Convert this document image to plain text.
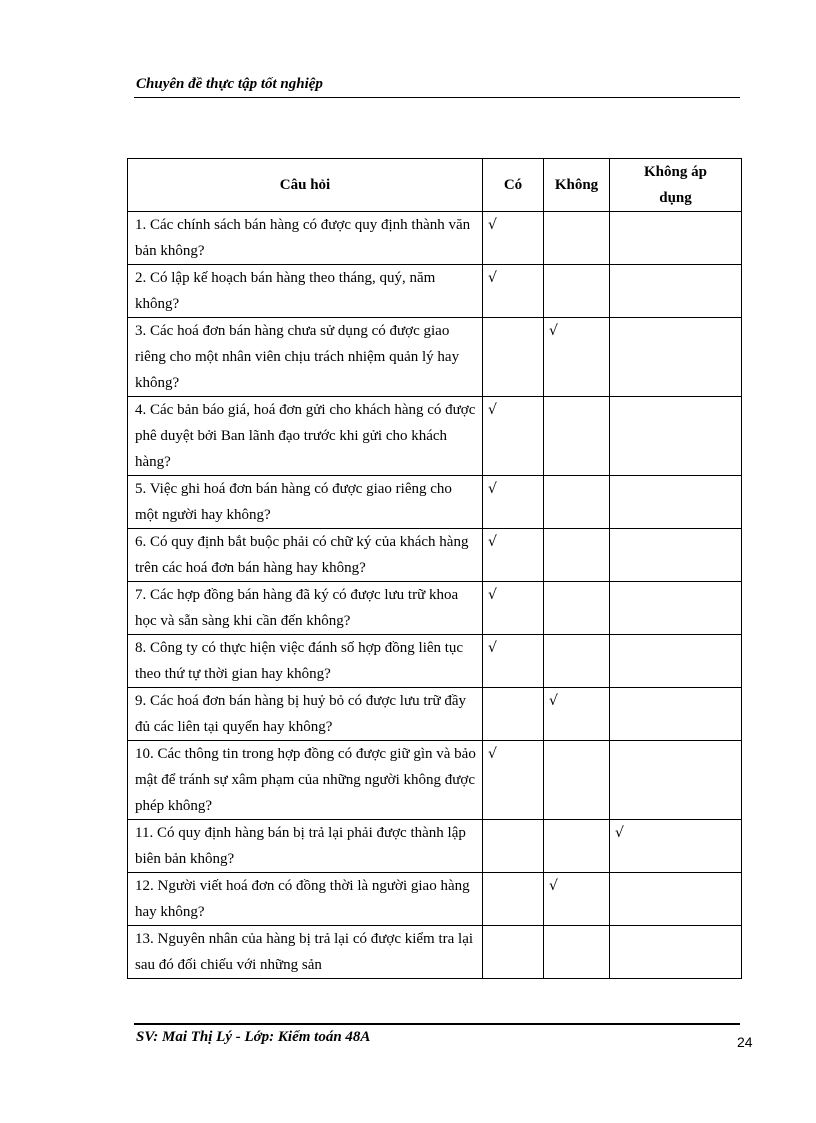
Chuyên đề thực tập tốt nghiệp
Câu hỏi	Có	Không	Không áp dụng
1. Các chính sách bán hàng có được quy định thành văn bản không?	√		
2. Có lập kế hoạch bán hàng theo tháng, quý, năm không?	√		
3. Các hoá đơn bán hàng chưa sử dụng có được giao riêng cho một nhân viên chịu trách nhiệm quản lý hay không?		√	
4. Các bản báo giá, hoá đơn gửi cho khách hàng có được phê duyệt bởi Ban lãnh đạo trước khi gửi cho khách hàng?	√		
5. Việc ghi hoá đơn bán hàng có được giao riêng cho một người hay không?	√		
6. Có quy định bắt buộc phải có chữ ký của khách hàng trên các hoá đơn bán hàng hay không?	√		
7. Các hợp đồng bán hàng đã ký có được lưu trữ khoa học và sẵn sàng khi cần đến không?	√		
8. Công ty có thực hiện việc đánh số hợp đồng liên tục theo thứ tự thời gian hay không?	√		
9. Các hoá đơn bán hàng bị huỷ bỏ có được lưu trữ đầy đủ các liên tại quyển hay không?		√	
10. Các thông tin trong hợp đồng có được giữ gìn và bảo mật để tránh sự xâm phạm của những người không được phép không?	√		
11. Có quy định hàng bán bị trả lại phải được thành lập biên bản không?			√
12. Người viết hoá đơn có đồng thời là người giao hàng hay không?		√	
13. Nguyên nhân của hàng bị trả lại có được kiểm tra lại sau đó đối chiếu với những sản			
SV: Mai Thị Lý - Lớp: Kiểm toán 48A	24
